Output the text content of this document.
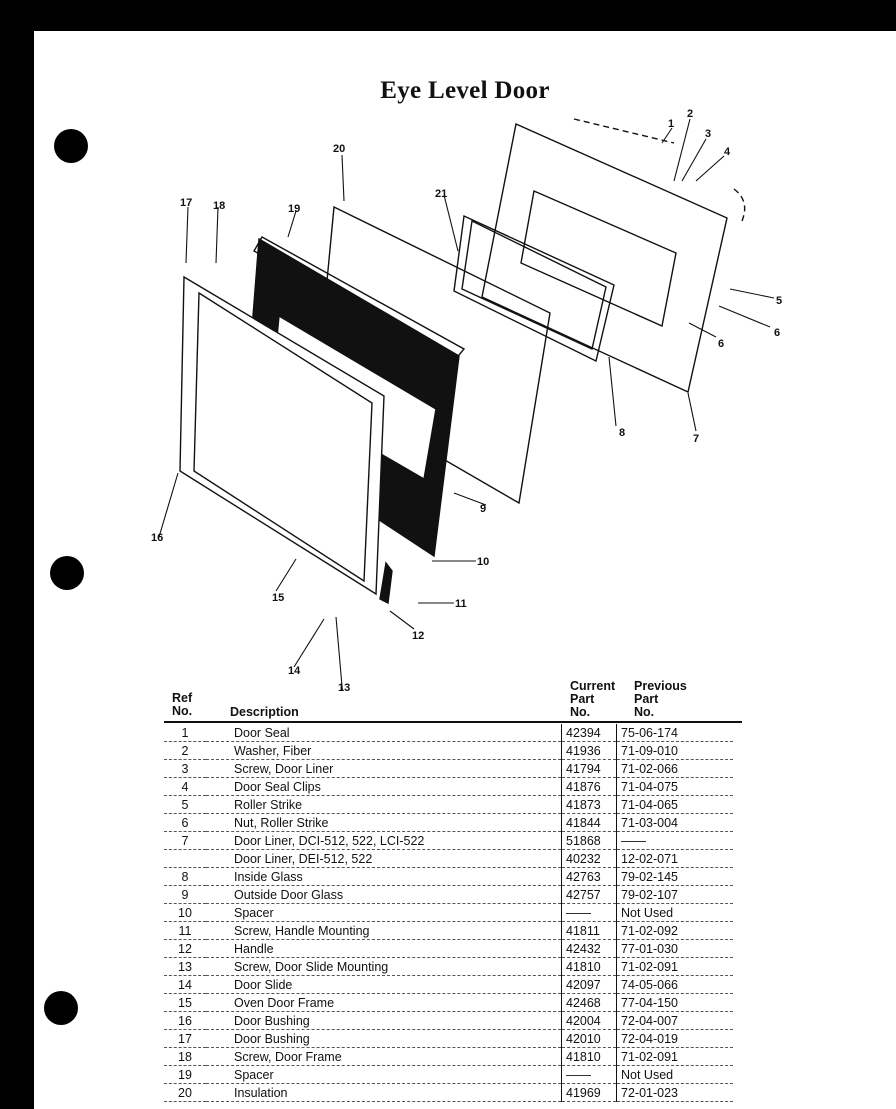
Eye Level Door
1
2
3
4
5
6
6
7
8
9
10
11
12
13
14
15
16
17 18	19
20
21
Ref
No.	Description
Current
Part
No.
Previous
Part
No.
1	Door Seal	42394	75-06-174
2	Washer, Fiber	41936	71-09-010
3	Screw, Door Liner	41794	71-02-066
4	Door Seal Clips	41876	71-04-075
5	Roller Strike	41873	71-04-065
6	Nut, Roller Strike	41844	71-03-004
7	Door Liner, DCI-512, 522, LCI-522	51868	——
	Door Liner, DEI-512, 522	40232	12-02-071
8	Inside Glass	42763	79-02-145
9	Outside Door Glass	42757	79-02-107
10	Spacer	——	Not Used
11	Screw, Handle Mounting	41811	71-02-092
12	Handle	42432	77-01-030
13	Screw, Door Slide Mounting	41810	71-02-091
14	Door Slide	42097	74-05-066
15	Oven Door Frame	42468	77-04-150
16	Door Bushing	42004	72-04-007
17	Door Bushing	42010	72-04-019
18	Screw, Door Frame	41810	71-02-091
19	Spacer	——	Not Used
20	Insulation	41969	72-01-023
